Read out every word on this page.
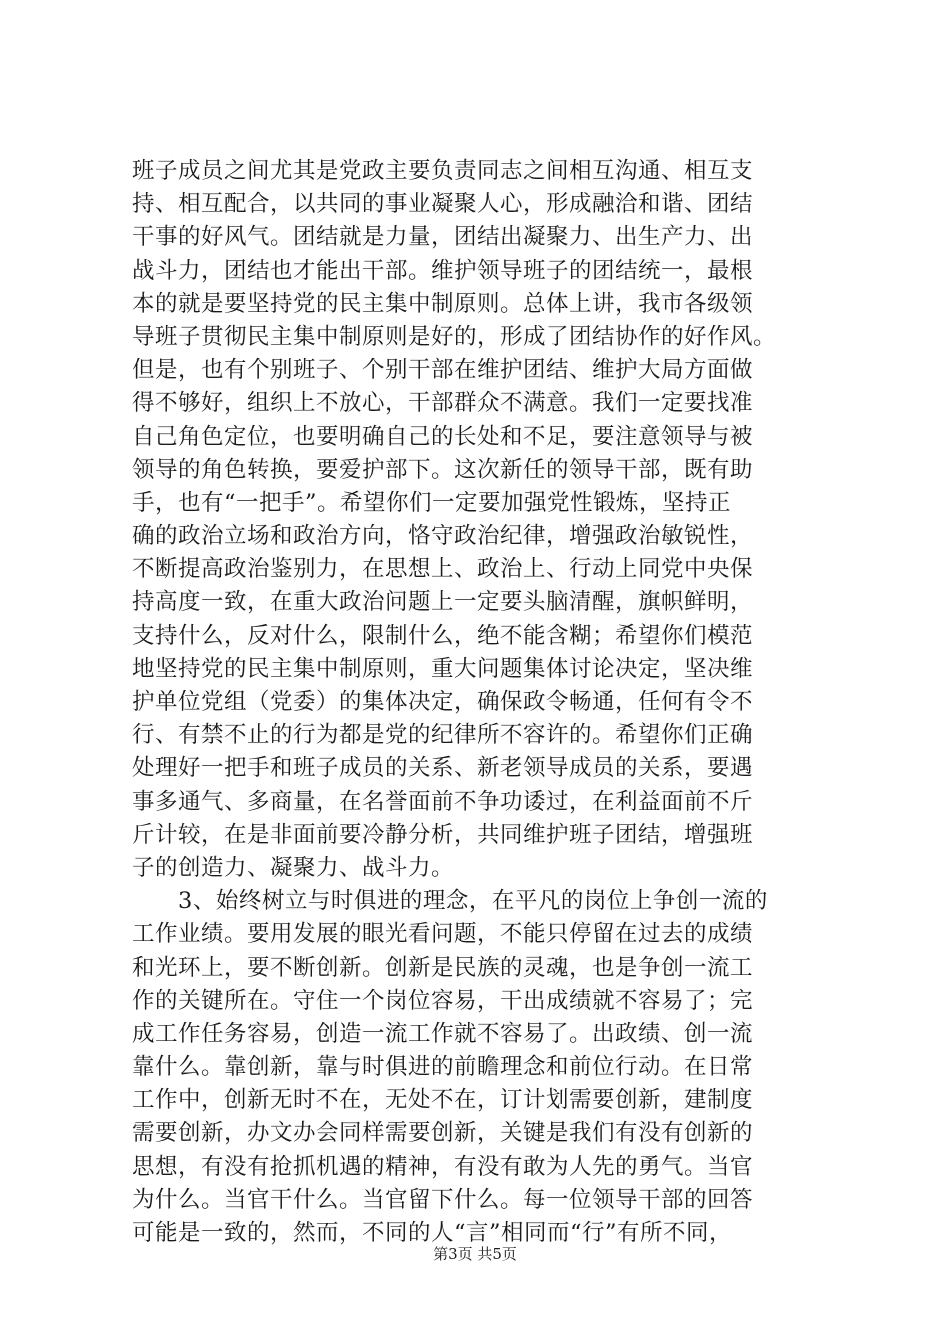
班子成员之间尤其是党政主要负责同志之间相互沟通、相互支
持、相互配合，以共同的事业凝聚人心，形成融洽和谐、团结
干事的好风气。团结就是力量，团结出凝聚力、出生产力、出
战斗力，团结也才能出干部。维护领导班子的团结统一，最根
本的就是要坚持党的民主集中制原则。总体上讲，我市各级领
导班子贯彻民主集中制原则是好的，形成了团结协作的好作风。
但是，也有个别班子、个别干部在维护团结、维护大局方面做
得不够好，组织上不放心，干部群众不满意。我们一定要找准
自己角色定位，也要明确自己的长处和不足，要注意领导与被
领导的角色转换，要爱护部下。这次新任的领导干部，既有助
手，也有“一把手”。希望你们一定要加强党性锻炼，坚持正
确的政治立场和政治方向，恪守政治纪律，增强政治敏锐性，
不断提高政治鉴别力，在思想上、政治上、行动上同党中央保
持高度一致，在重大政治问题上一定要头脑清醒，旗帜鲜明，
支持什么，反对什么，限制什么，绝不能含糊；希望你们模范
地坚持党的民主集中制原则，重大问题集体讨论决定，坚决维
护单位党组（党委）的集体决定，确保政令畅通，任何有令不
行、有禁不止的行为都是党的纪律所不容许的。希望你们正确
处理好一把手和班子成员的关系、新老领导成员的关系，要遇
事多通气、多商量，在名誉面前不争功诿过，在利益面前不斤
斤计较，在是非面前要冷静分析，共同维护班子团结，增强班
子的创造力、凝聚力、战斗力。
　　3、始终树立与时俱进的理念，在平凡的岗位上争创一流的
工作业绩。要用发展的眼光看问题，不能只停留在过去的成绩
和光环上，要不断创新。创新是民族的灵魂，也是争创一流工
作的关键所在。守住一个岗位容易，干出成绩就不容易了；完
成工作任务容易，创造一流工作就不容易了。出政绩、创一流
靠什么。靠创新，靠与时俱进的前瞻理念和前位行动。在日常
工作中，创新无时不在，无处不在，订计划需要创新，建制度
需要创新，办文办会同样需要创新，关键是我们有没有创新的
思想，有没有抢抓机遇的精神，有没有敢为人先的勇气。当官
为什么。当官干什么。当官留下什么。每一位领导干部的回答
可能是一致的，然而，不同的人“言”相同而“行”有所不同，
第3页 共5页
